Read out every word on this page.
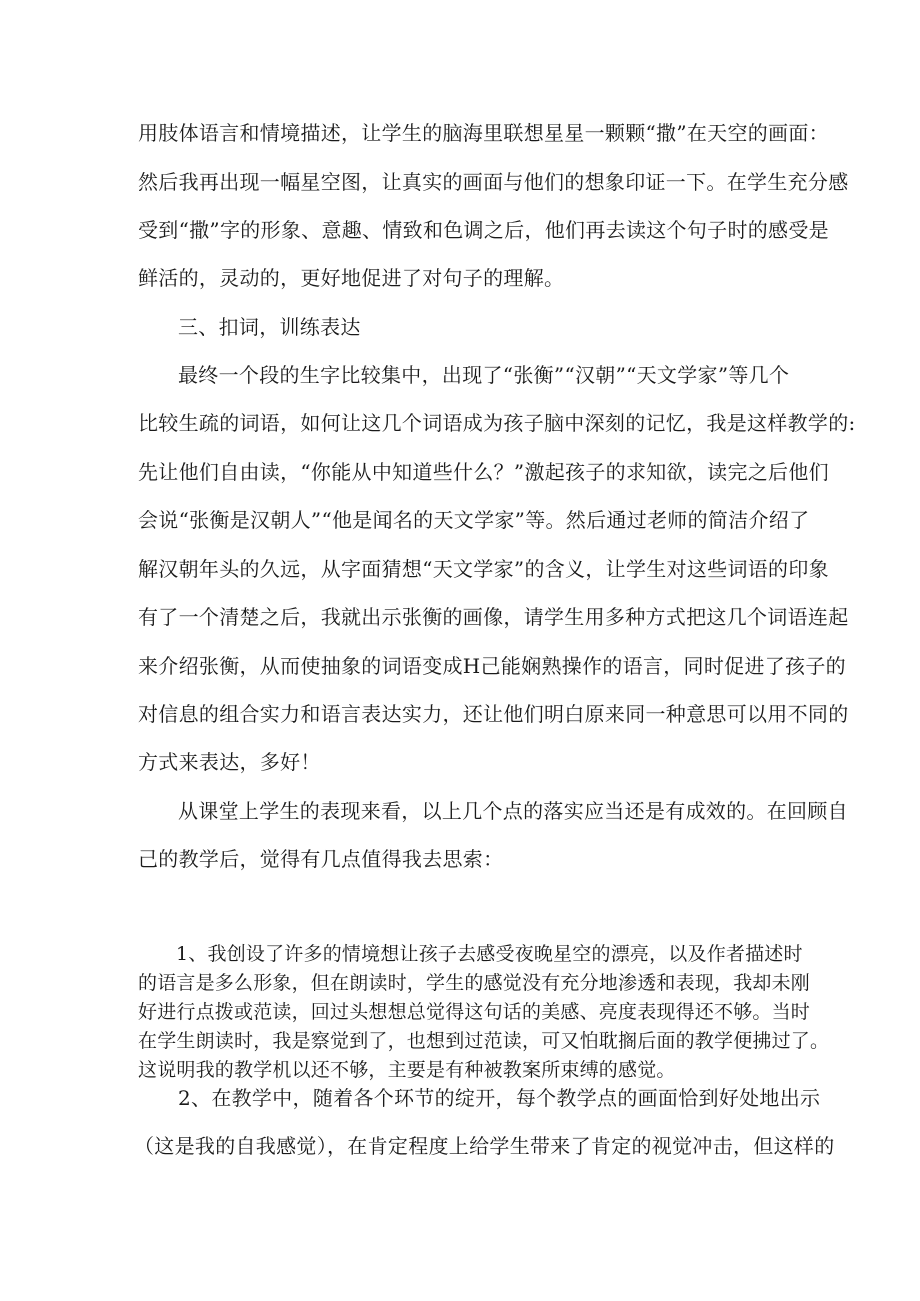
用肢体语言和情境描述，让学生的脑海里联想星星一颗颗“撒”在天空的画面：
然后我再出现一幅星空图，让真实的画面与他们的想象印证一下。在学生充分感
受到“撒”字的形象、意趣、情致和色调之后，他们再去读这个句子时的感受是
鲜活的，灵动的，更好地促进了对句子的理解。
三、扣词，训练表达
最终一个段的生字比较集中，出现了“张衡”“汉朝”“天文学家”等几个
比较生疏的词语，如何让这几个词语成为孩子脑中深刻的记忆，我是这样教学的:
先让他们自由读，“你能从中知道些什么？”激起孩子的求知欲，读完之后他们
会说“张衡是汉朝人”“他是闻名的天文学家”等。然后通过老师的简洁介绍了
解汉朝年头的久远，从字面猜想“天文学家”的含义，让学生对这些词语的印象
有了一个清楚之后，我就出示张衡的画像，请学生用多种方式把这几个词语连起
来介绍张衡，从而使抽象的词语变成H己能娴熟操作的语言，同时促进了孩子的
对信息的组合实力和语言表达实力，还让他们明白原来同一种意思可以用不同的
方式来表达，多好！
从课堂上学生的表现来看，以上几个点的落实应当还是有成效的。在回顾自
己的教学后，觉得有几点值得我去思索：
1、我创设了许多的情境想让孩子去感受夜晚星空的漂亮，以及作者描述时
的语言是多么形象，但在朗读时，学生的感觉没有充分地渗透和表现，我却未刚
好进行点拨或范读，回过头想想总觉得这句话的美感、亮度表现得还不够。当时
在学生朗读时，我是察觉到了，也想到过范读，可又怕耽搁后面的教学便拂过了。
这说明我的教学机以还不够，主要是有种被教案所束缚的感觉。
2、在教学中，随着各个环节的绽开，每个教学点的画面恰到好处地出示
（这是我的自我感觉），在肯定程度上给学生带来了肯定的视觉冲击，但这样的
